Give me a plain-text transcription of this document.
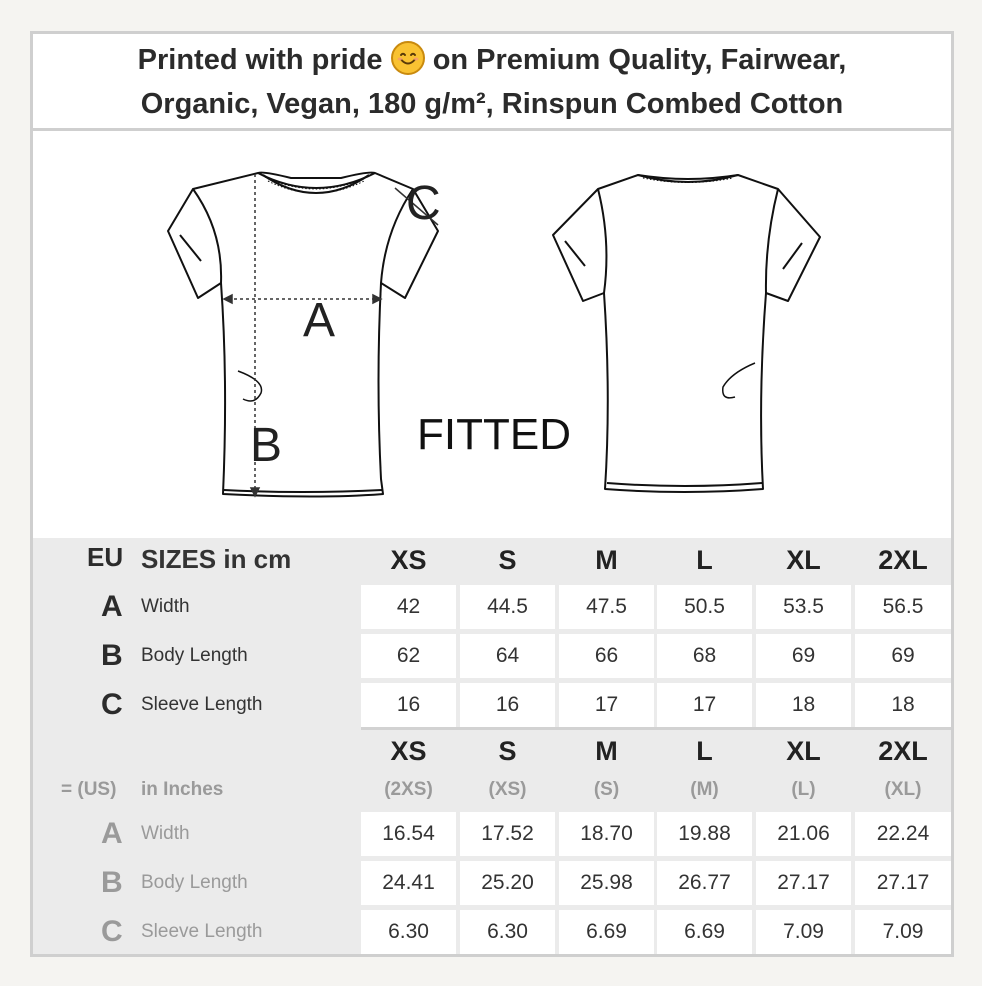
Printed with pride on Premium Quality, Fairwear,
Organic, Vegan, 180 g/m², Rinspun Combed Cotton
A
B
C
FITTED
EU SIZES in cm	XS	S	M	L	XL	2XL
A Width	42	44.5	47.5	50.5	53.5	56.5
B Body Length	62	64	66	68	69	69
C Sleeve Length	16	16	17	17	18	18
XS	S	M	L	XL	2XL
= (US) in Inches	(2XS)	(XS)	(S)	(M)	(L)	(XL)
A Width	16.54	17.52	18.70	19.88	21.06	22.24
B Body Length	24.41	25.20	25.98	26.77	27.17	27.17
C Sleeve Length	6.30	6.30	6.69	6.69	7.09	7.09
